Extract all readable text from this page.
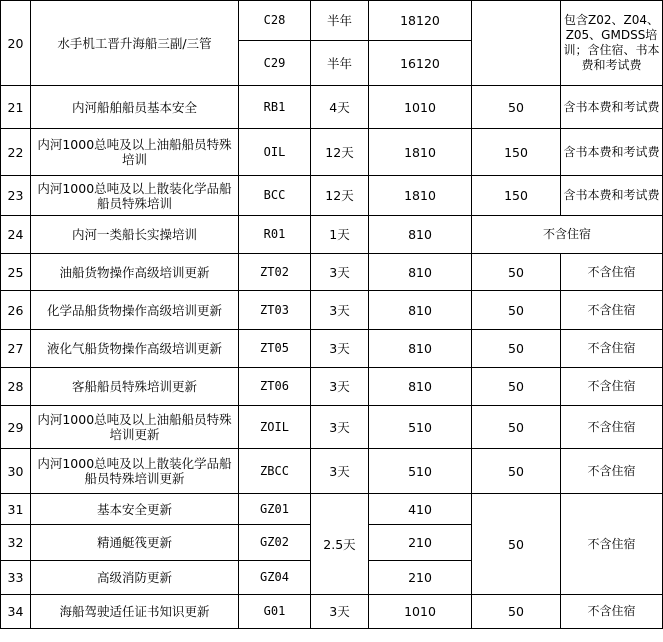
20	水手机工晋升海船三副/三管	C28	半年	18120		包含Z02、Z04、Z05、GMDSS培训；含住宿、书本费和考试费
		C29	半年	16120		
21	内河船舶船员基本安全	RB1	4天	1010	50	含书本费和考试费
22	内河1000总吨及以上油船船员特殊培训	OIL	12天	1810	150	含书本费和考试费
23	内河1000总吨及以上散装化学品船船员特殊培训	BCC	12天	1810	150	含书本费和考试费
24	内河一类船长实操培训	R01	1天	810	不含住宿	
25	油船货物操作高级培训更新	ZT02	3天	810	50	不含住宿
26	化学品船货物操作高级培训更新	ZT03	3天	810	50	不含住宿
27	液化气船货物操作高级培训更新	ZT05	3天	810	50	不含住宿
28	客船船员特殊培训更新	ZT06	3天	810	50	不含住宿
29	内河1000总吨及以上油船船员特殊培训更新	ZOIL	3天	510	50	不含住宿
30	内河1000总吨及以上散装化学品船船员特殊培训更新	ZBCC	3天	510	50	不含住宿
31	基本安全更新	GZ01	2.5天	410	50	不含住宿
32	精通艇筏更新	GZ02		210		
33	高级消防更新	GZ04		210		
34	海船驾驶适任证书知识更新	G01	3天	1010	50	不含住宿
